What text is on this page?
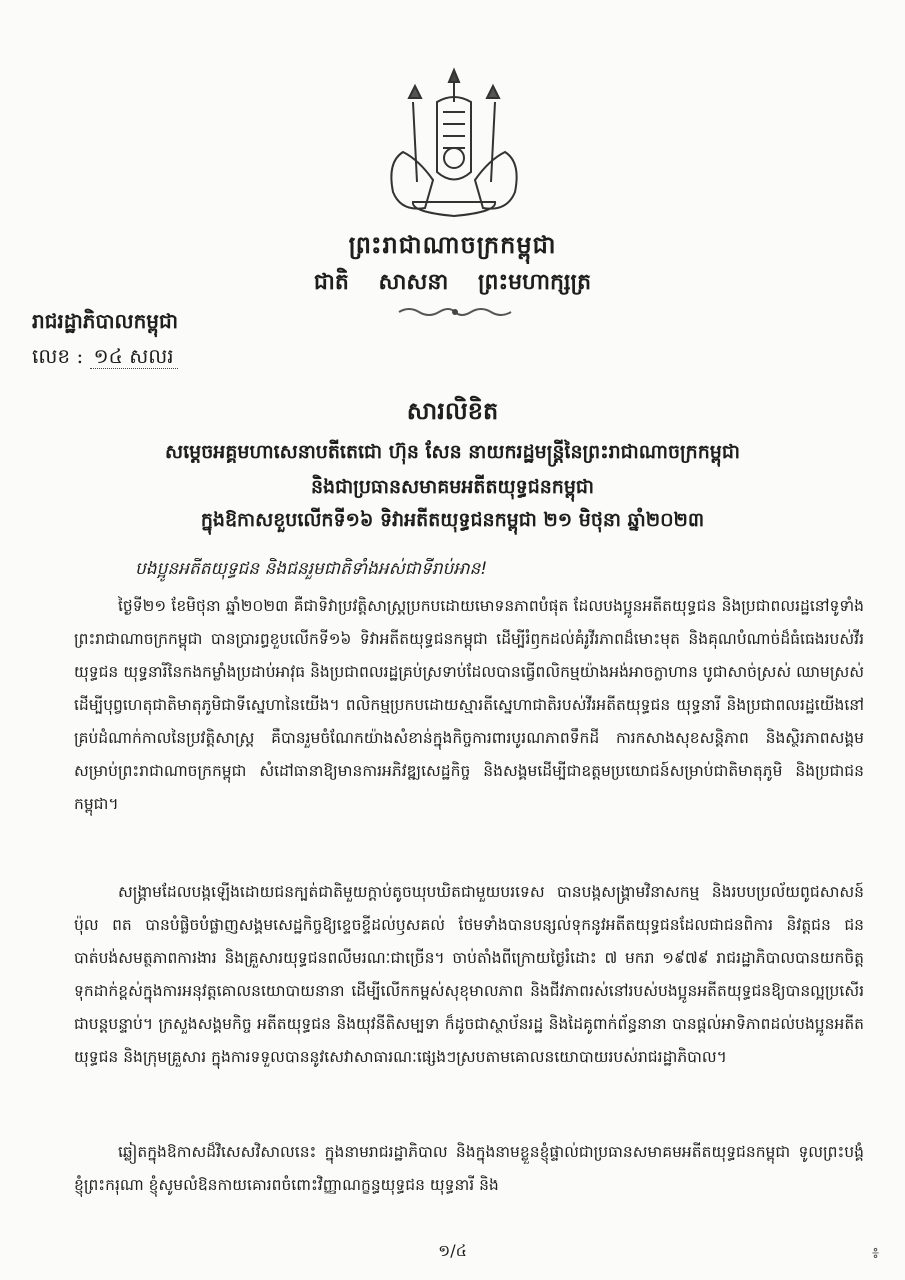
ព្រះរាជាណាចក្រកម្ពុជា
ជាតិ សាសនា ព្រះមហាក្សត្រ
រាជរដ្ឋាភិបាលកម្ពុជា
លេខ : ១៤ សលរ
សារលិខិត
សម្តេចអគ្គមហាសេនាបតីតេជោ ហ៊ុន សែន នាយករដ្ឋមន្ត្រីនៃព្រះរាជាណាចក្រកម្ពុជា
និងជាប្រធានសមាគមអតីតយុទ្ធជនកម្ពុជា
ក្នុងឱកាសខួបលើកទី១៦ ទិវាអតីតយុទ្ធជនកម្ពុជា ២១ មិថុនា ឆ្នាំ២០២៣
បងប្អូនអតីតយុទ្ធជន និងជនរួមជាតិទាំងអស់ជាទីរាប់អាន!
ថ្ងៃទី២១ ខែមិថុនា ឆ្នាំ២០២៣ គឺជាទិវាប្រវត្តិសាស្ត្រប្រកបដោយមោទនភាពបំផុត ដែលបងប្អូនអតីតយុទ្ធជន និងប្រជាពលរដ្ឋនៅទូទាំងព្រះរាជាណាចក្រកម្ពុជា បានប្រារព្ធខួបលើកទី១៦ ទិវាអតីតយុទ្ធជនកម្ពុជា ដើម្បីរំឭកដល់គំរូវីរភាពដ៏មោះមុត និងគុណបំណាច់ដ៏ធំធេងរបស់វីរយុទ្ធជន យុទ្ធនារីនៃកងកម្លាំងប្រដាប់អាវុធ និងប្រជាពលរដ្ឋគ្រប់ស្រទាប់ដែលបានធ្វើពលិកម្មយ៉ាងអង់អាចក្លាហាន បូជាសាច់ស្រស់ ឈាមស្រស់ ដើម្បីបុព្វហេតុជាតិមាតុភូមិជាទីស្នេហានៃយើង។ ពលិកម្មប្រកបដោយស្មារតីស្នេហាជាតិរបស់វីរអតីតយុទ្ធជន យុទ្ធនារី និងប្រជាពលរដ្ឋយើងនៅគ្រប់ដំណាក់កាលនៃប្រវត្តិសាស្ត្រ គឺបានរួមចំណែកយ៉ាងសំខាន់ក្នុងកិច្ចការពារបូរណភាពទឹកដី ការកសាងសុខសន្តិភាព និងស្ថិរភាពសង្គមសម្រាប់ព្រះរាជាណាចក្រកម្ពុជា សំដៅធានាឱ្យមានការអភិវឌ្ឍសេដ្ឋកិច្ច និងសង្គមដើម្បីជាឧត្តមប្រយោជន៍សម្រាប់ជាតិមាតុភូមិ និងប្រជាជនកម្ពុជា។
សង្គ្រាមដែលបង្កឡើងដោយជនក្បត់ជាតិមួយក្តាប់តូចឃុបឃិតជាមួយបរទេស បានបង្កសង្គ្រាមវិនាសកម្ម និងរបបប្រល័យពូជសាសន៍ ប៉ុល ពត បានបំផ្លិចបំផ្លាញសង្គមសេដ្ឋកិច្ចឱ្យខ្ទេចខ្ទីដល់ឫសគល់ ថែមទាំងបានបន្សល់ទុកនូវអតីតយុទ្ធជនដែលជាជនពិការ និវត្តជន ជនបាត់បង់សមត្ថភាពការងារ និងគ្រួសារយុទ្ធជនពលីមរណៈជាច្រើន។ ចាប់តាំងពីក្រោយថ្ងៃរំដោះ ៧ មករា ១៩៧៩ រាជរដ្ឋាភិបាលបានយកចិត្តទុកដាក់ខ្ពស់ក្នុងការអនុវត្តគោលនយោបាយនានា ដើម្បីលើកកម្ពស់សុខុមាលភាព និងជីវភាពរស់នៅរបស់បងប្អូនអតីតយុទ្ធជនឱ្យបានល្អប្រសើរជាបន្តបន្ទាប់។ ក្រសួងសង្គមកិច្ច អតីតយុទ្ធជន និងយុវនីតិសម្បទា ក៏ដូចជាស្ថាប័នរដ្ឋ និងដៃគូពាក់ព័ន្ធនានា បានផ្តល់អាទិភាពដល់បងប្អូនអតីតយុទ្ធជន និងក្រុមគ្រួសារ ក្នុងការទទួលបាននូវសេវាសាធារណៈផ្សេងៗស្របតាមគោលនយោបាយរបស់រាជរដ្ឋាភិបាល។
ឆ្លៀតក្នុងឱកាសដ៏វិសេសវិសាលនេះ ក្នុងនាមរាជរដ្ឋាភិបាល និងក្នុងនាមខ្លួនខ្ញុំផ្ទាល់ជាប្រធានសមាគមអតីតយុទ្ធជនកម្ពុជា ទូលព្រះបង្គំ ខ្ញុំព្រះករុណា ខ្ញុំសូមលំឱនកាយគោរពចំពោះវិញ្ញាណក្ខន្ធយុទ្ធជន យុទ្ធនារី និង
១/៤	៖
